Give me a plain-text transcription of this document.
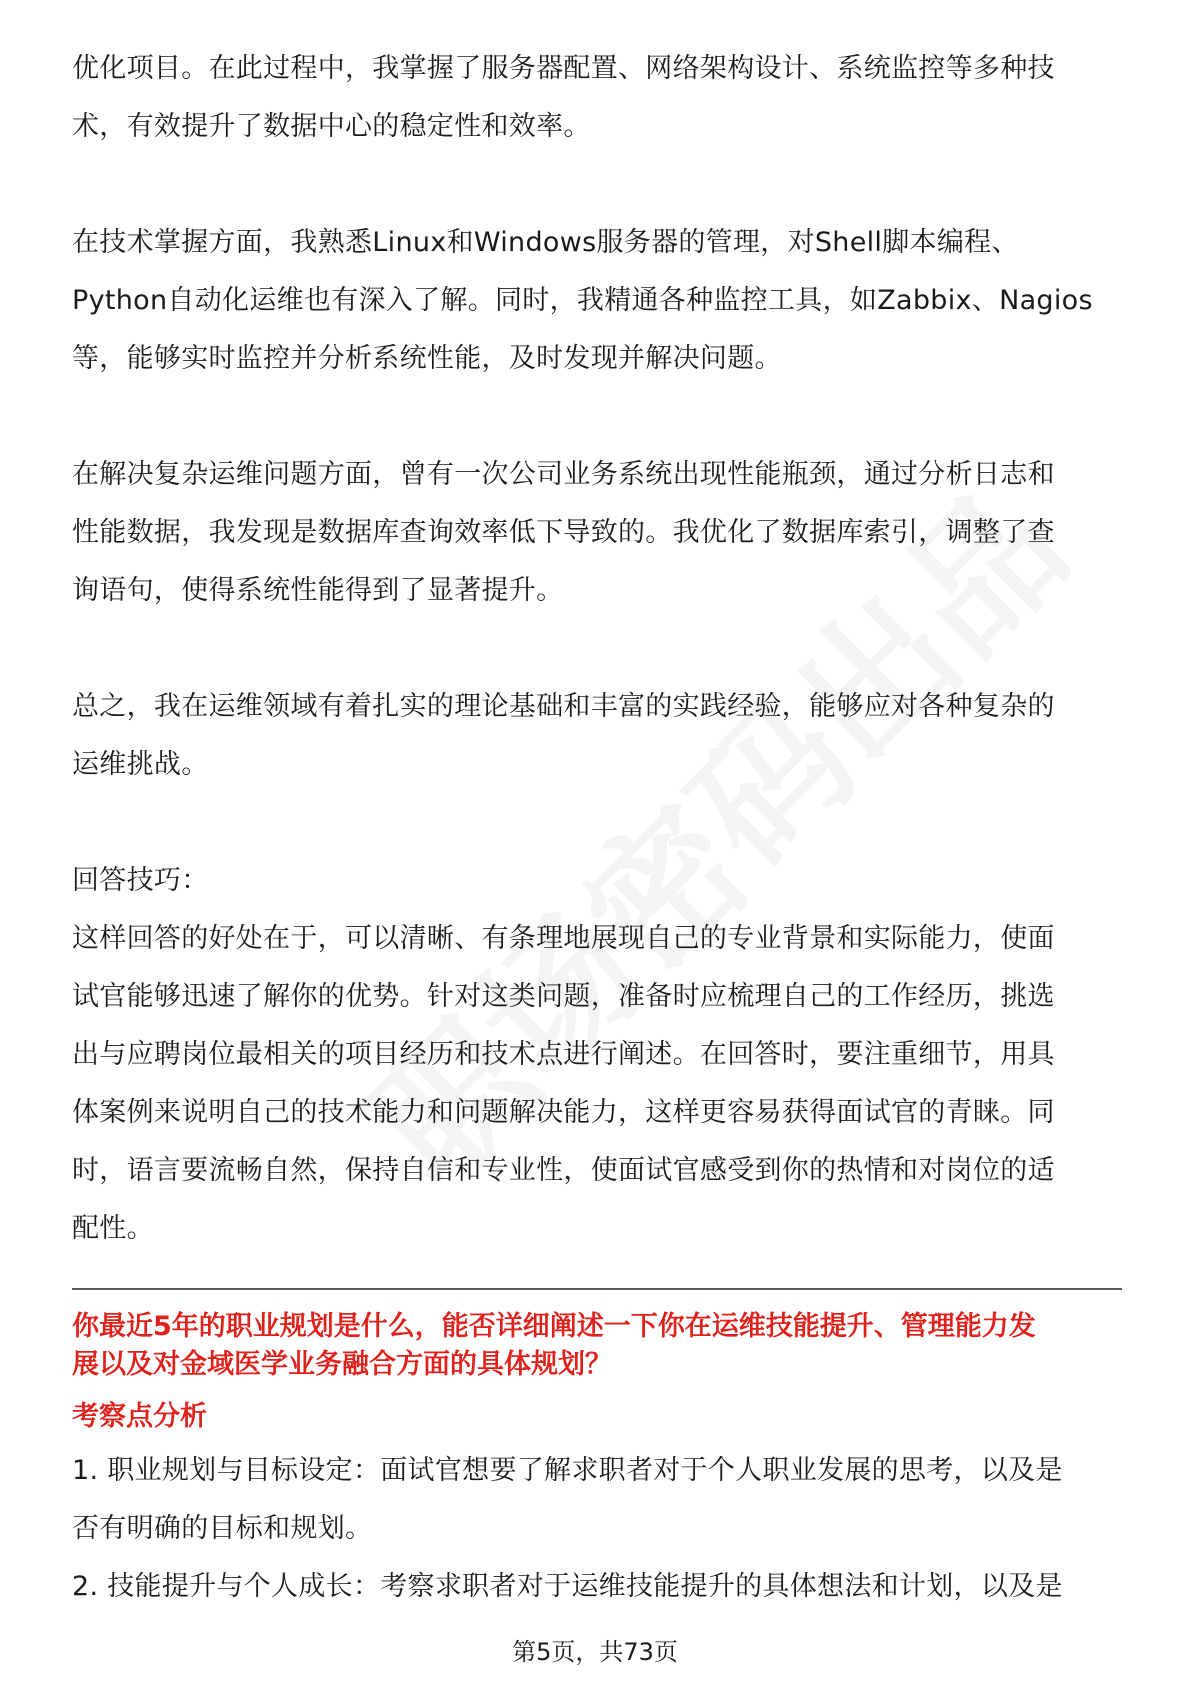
优化项目。在此过程中，我掌握了服务器配置、网络架构设计、系统监控等多种技

术，有效提升了数据中心的稳定性和效率。

在技术掌握方面，我熟悉Linux和Windows服务器的管理，对Shell脚本编程、

Python自动化运维也有深入了解。同时，我精通各种监控工具，如Zabbix、Nagios

等，能够实时监控并分析系统性能，及时发现并解决问题。

在解决复杂运维问题方面，曾有一次公司业务系统出现性能瓶颈，通过分析日志和

性能数据，我发现是数据库查询效率低下导致的。我优化了数据库索引，调整了查

询语句，使得系统性能得到了显著提升。

总之，我在运维领域有着扎实的理论基础和丰富的实践经验，能够应对各种复杂的

运维挑战。

回答技巧：

这样回答的好处在于，可以清晰、有条理地展现自己的专业背景和实际能力，使面

试官能够迅速了解你的优势。针对这类问题，准备时应梳理自己的工作经历，挑选

出与应聘岗位最相关的项目经历和技术点进行阐述。在回答时，要注重细节，用具

体案例来说明自己的技术能力和问题解决能力，这样更容易获得面试官的青睐。同

时，语言要流畅自然，保持自信和专业性，使面试官感受到你的热情和对岗位的适

配性。

你最近5年的职业规划是什么，能否详细阐述一下你在运维技能提升、管理能力发

展以及对金域医学业务融合方面的具体规划？

考察点分析

1. 职业规划与目标设定：面试官想要了解求职者对于个人职业发展的思考，以及是

否有明确的目标和规划。

2. 技能提升与个人成长：考察求职者对于运维技能提升的具体想法和计划，以及是

第5页，共73页
